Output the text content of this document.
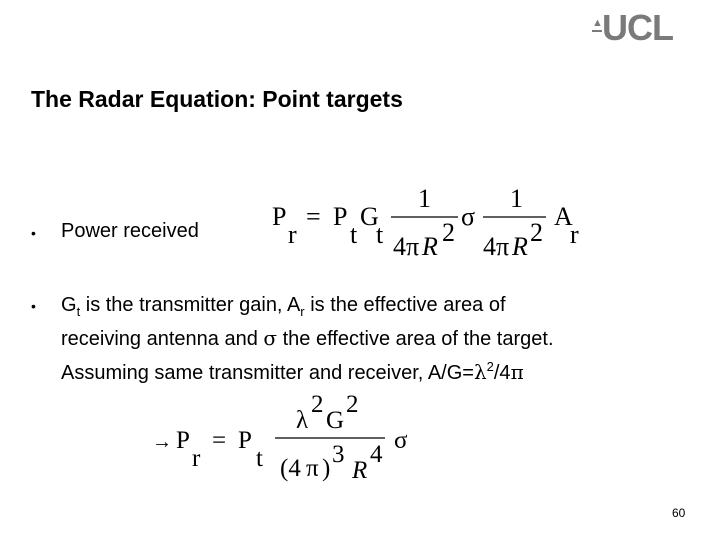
▲ UCL
The Radar Equation: Point targets
• Power received	P
r
= P
t
G
t
1
4 π R 2
σ
1
4 π R 2
A
r
• $G_t$ is the transmitter gain, $A_r$ is the effective area of
receiving antenna and σ the effective area of the target.
Assuming same transmitter and receiver, $A/G=\lambda^2/4\pi$
→ P
r
= P
t
λ
2
G
2
(4 π )
3
R
4
σ
60
